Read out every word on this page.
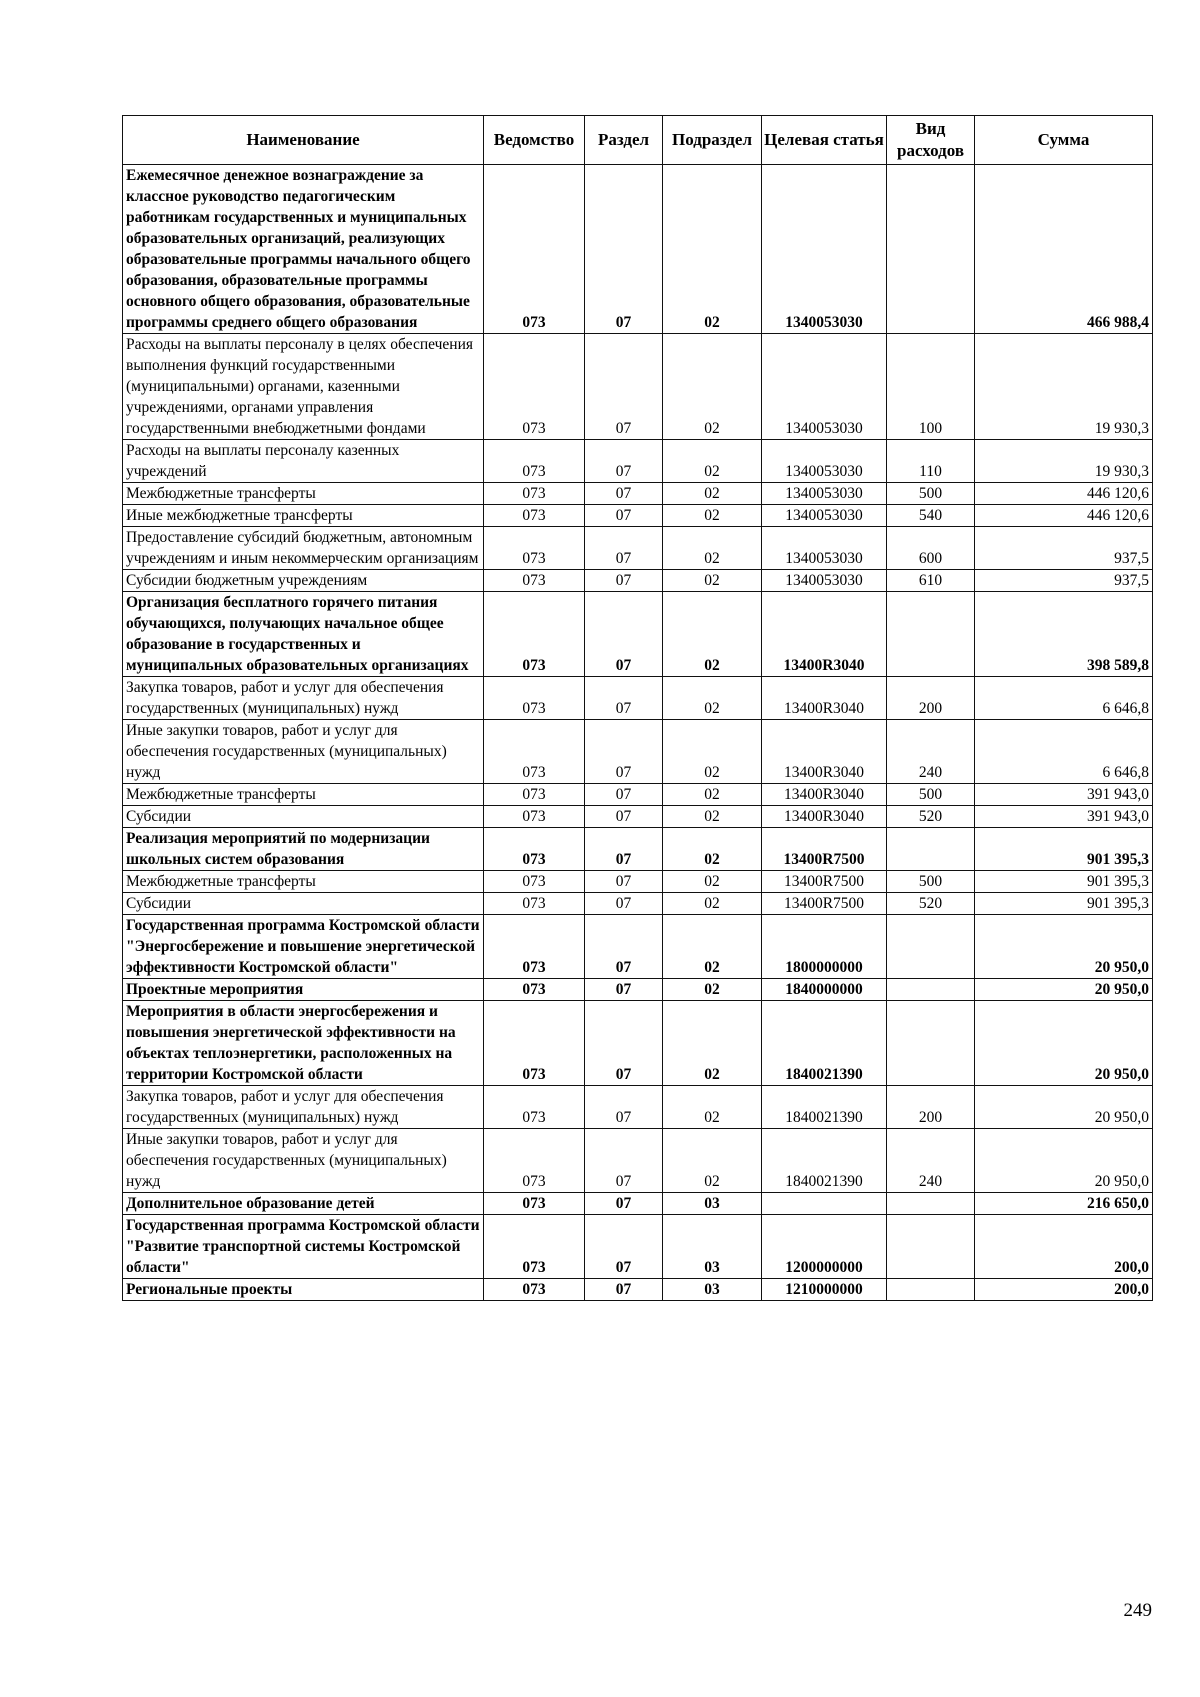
Наименование	Ведомство	Раздел	Подраздел	Целевая статья	Вид расходов	Сумма
Ежемесячное денежное вознаграждение за классное руководство педагогическим работникам государственных и муниципальных образовательных организаций, реализующих образовательные программы начального общего образования, образовательные программы основного общего образования, образовательные программы среднего общего образования	073	07	02	1340053030		466 988,4
Расходы на выплаты персоналу в целях обеспечения выполнения функций государственными (муниципальными) органами, казенными учреждениями, органами управления государственными внебюджетными фондами	073	07	02	1340053030	100	19 930,3
Расходы на выплаты персоналу казенных учреждений	073	07	02	1340053030	110	19 930,3
Межбюджетные трансферты	073	07	02	1340053030	500	446 120,6
Иные межбюджетные трансферты	073	07	02	1340053030	540	446 120,6
Предоставление субсидий бюджетным, автономным учреждениям и иным некоммерческим организациям	073	07	02	1340053030	600	937,5
Субсидии бюджетным учреждениям	073	07	02	1340053030	610	937,5
Организация бесплатного горячего питания обучающихся, получающих начальное общее образование в государственных и муниципальных образовательных организациях	073	07	02	13400R3040		398 589,8
Закупка товаров, работ и услуг для обеспечения государственных (муниципальных) нужд	073	07	02	13400R3040	200	6 646,8
Иные закупки товаров, работ и услуг для обеспечения государственных (муниципальных) нужд	073	07	02	13400R3040	240	6 646,8
Межбюджетные трансферты	073	07	02	13400R3040	500	391 943,0
Субсидии	073	07	02	13400R3040	520	391 943,0
Реализация мероприятий по модернизации школьных систем образования	073	07	02	13400R7500		901 395,3
Межбюджетные трансферты	073	07	02	13400R7500	500	901 395,3
Субсидии	073	07	02	13400R7500	520	901 395,3
Государственная программа Костромской области "Энергосбережение и повышение энергетической эффективности Костромской области"	073	07	02	1800000000		20 950,0
Проектные мероприятия	073	07	02	1840000000		20 950,0
Мероприятия в области энергосбережения и повышения энергетической эффективности на объектах теплоэнергетики, расположенных на территории Костромской области	073	07	02	1840021390		20 950,0
Закупка товаров, работ и услуг для обеспечения государственных (муниципальных) нужд	073	07	02	1840021390	200	20 950,0
Иные закупки товаров, работ и услуг для обеспечения государственных (муниципальных) нужд	073	07	02	1840021390	240	20 950,0
Дополнительное образование детей	073	07	03			216 650,0
Государственная программа Костромской области "Развитие транспортной системы Костромской области"	073	07	03	1200000000		200,0
Региональные проекты	073	07	03	1210000000		200,0
249
